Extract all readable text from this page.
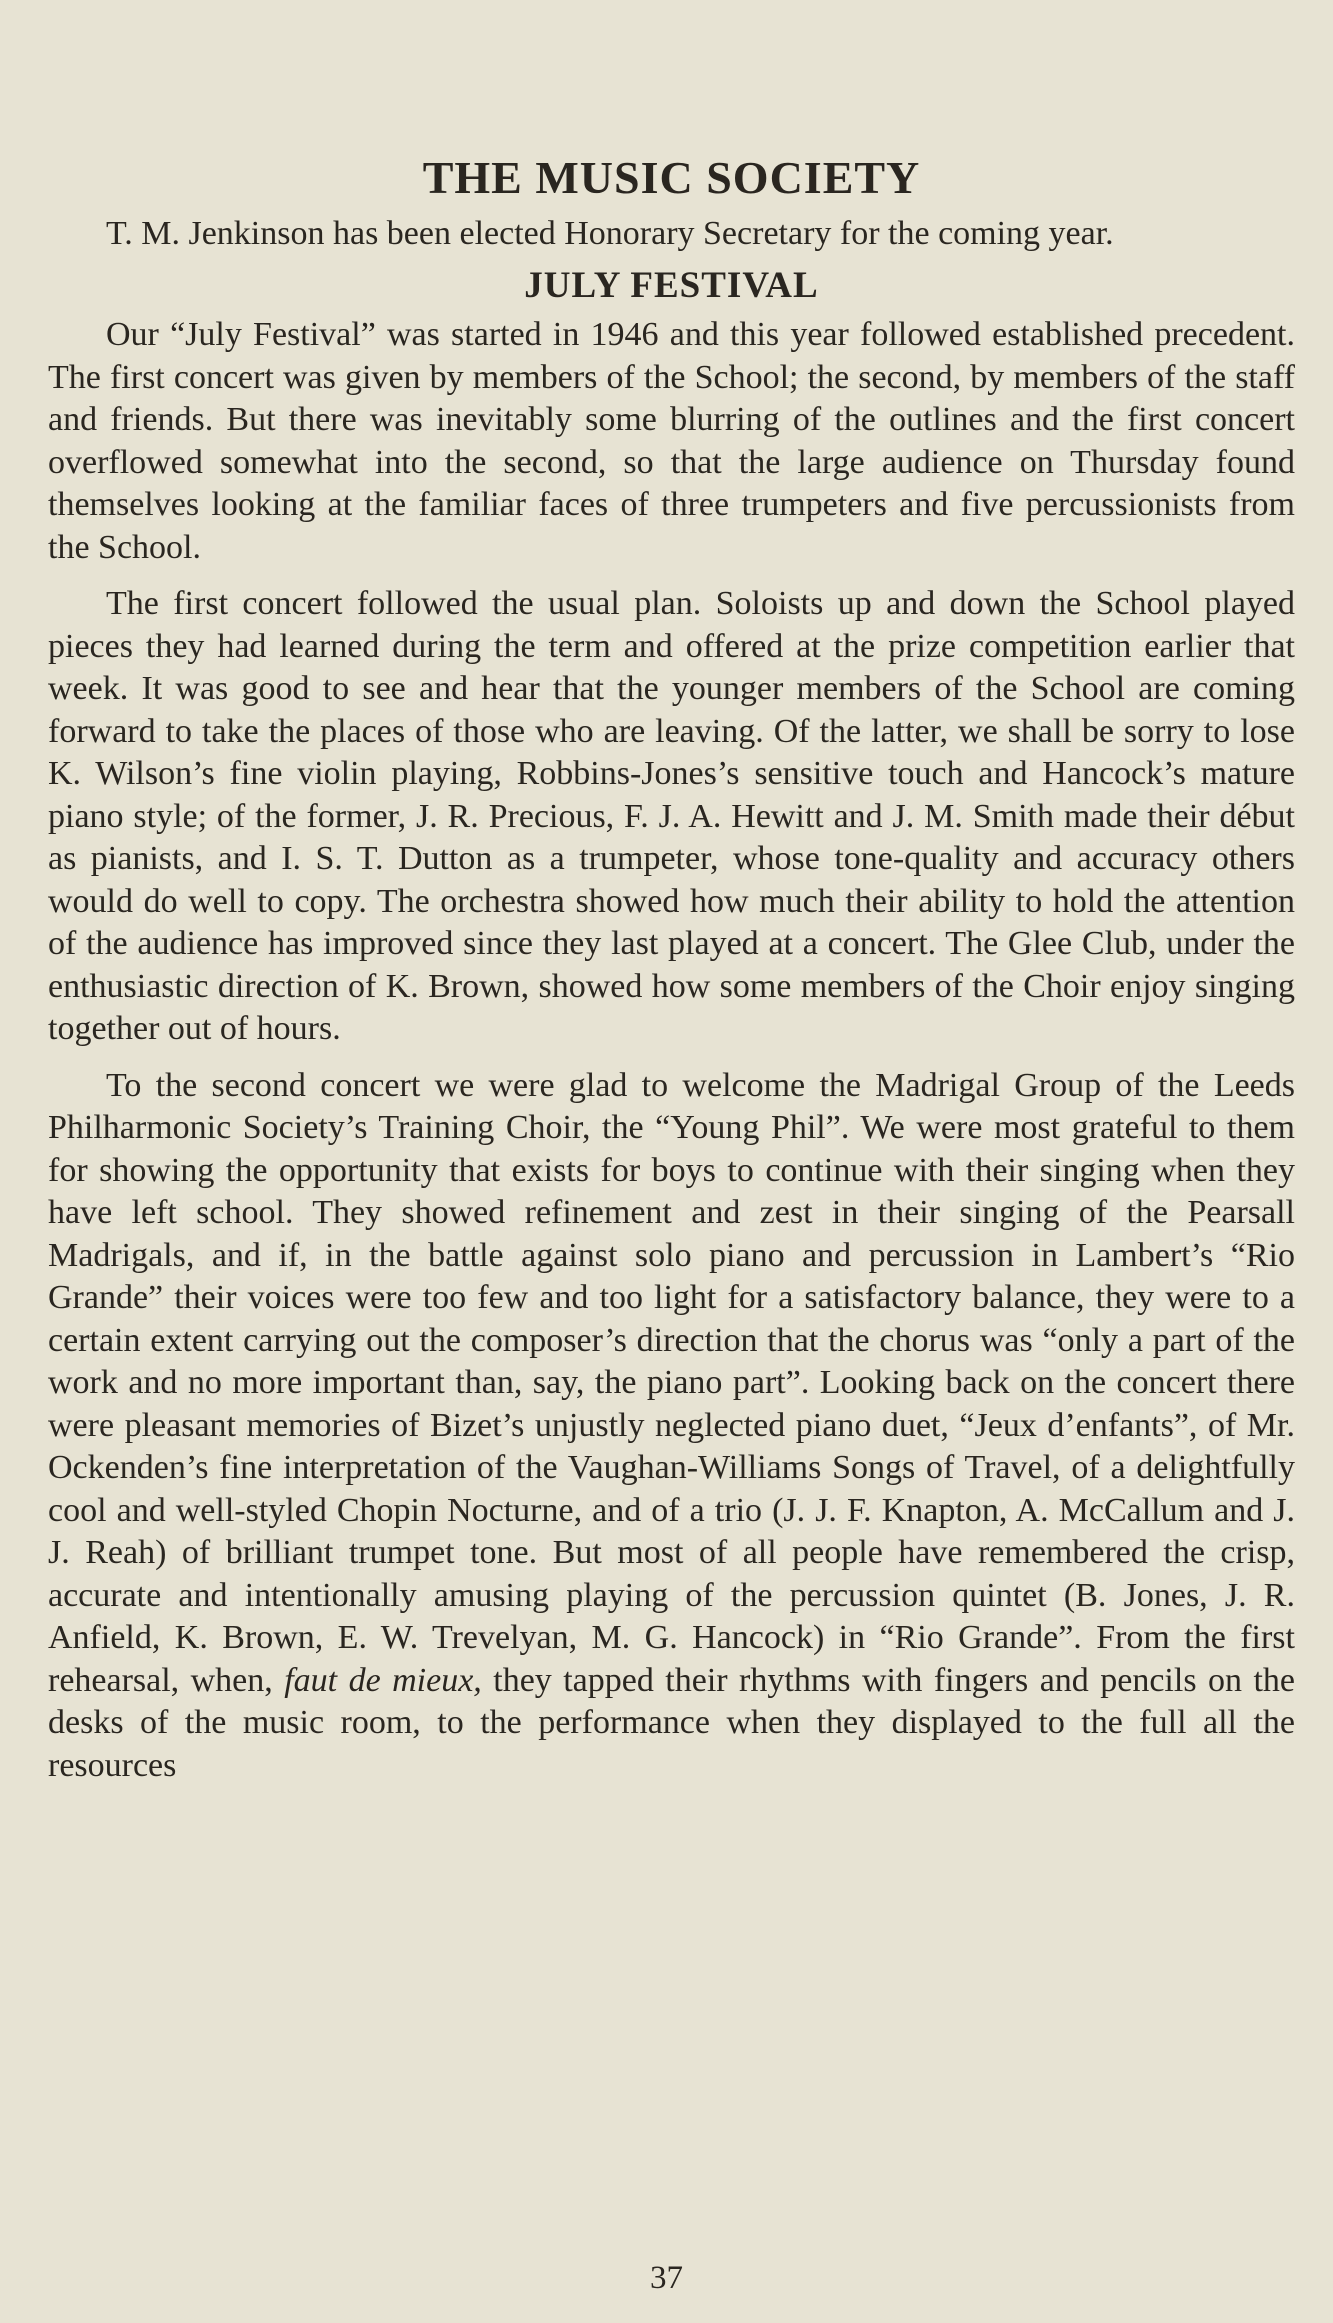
THE MUSIC SOCIETY

T. M. Jenkinson has been elected Honorary Secretary for the coming year.

JULY FESTIVAL

Our “July Festival” was started in 1946 and this year followed established precedent. The first concert was given by members of the School; the second, by members of the staff and friends. But there was inevitably some blurring of the outlines and the first concert overflowed somewhat into the second, so that the large audience on Thursday found themselves looking at the familiar faces of three trumpeters and five percussionists from the School.

The first concert followed the usual plan. Soloists up and down the School played pieces they had learned during the term and offered at the prize competition earlier that week. It was good to see and hear that the younger members of the School are coming forward to take the places of those who are leaving. Of the latter, we shall be sorry to lose K. Wilson’s fine violin playing, Robbins-Jones’s sensitive touch and Hancock’s mature piano style; of the former, J. R. Precious, F. J. A. Hewitt and J. M. Smith made their début as pianists, and I. S. T. Dutton as a trumpeter, whose tone-quality and accuracy others would do well to copy. The orchestra showed how much their ability to hold the attention of the audience has improved since they last played at a concert. The Glee Club, under the enthusiastic direction of K. Brown, showed how some members of the Choir enjoy singing together out of hours.

To the second concert we were glad to welcome the Madrigal Group of the Leeds Philharmonic Society’s Training Choir, the “Young Phil”. We were most grateful to them for showing the opportunity that exists for boys to continue with their singing when they have left school. They showed refinement and zest in their singing of the Pearsall Madrigals, and if, in the battle against solo piano and percussion in Lambert’s “Rio Grande” their voices were too few and too light for a satisfactory balance, they were to a certain extent carrying out the composer’s direction that the chorus was “only a part of the work and no more important than, say, the piano part”. Looking back on the concert there were pleasant memories of Bizet’s unjustly neglected piano duet, “Jeux d’enfants”, of Mr. Ockenden’s fine interpretation of the Vaughan-Williams Songs of Travel, of a delightfully cool and well-styled Chopin Nocturne, and of a trio (J. J. F. Knapton, A. McCallum and J. J. Reah) of brilliant trumpet tone. But most of all people have remembered the crisp, accurate and intentionally amusing playing of the percussion quintet (B. Jones, J. R. Anfield, K. Brown, E. W. Trevelyan, M. G. Hancock) in “Rio Grande”. From the first rehearsal, when, faut de mieux, they tapped their rhythms with fingers and pencils on the desks of the music room, to the performance when they displayed to the full all the resources

37
